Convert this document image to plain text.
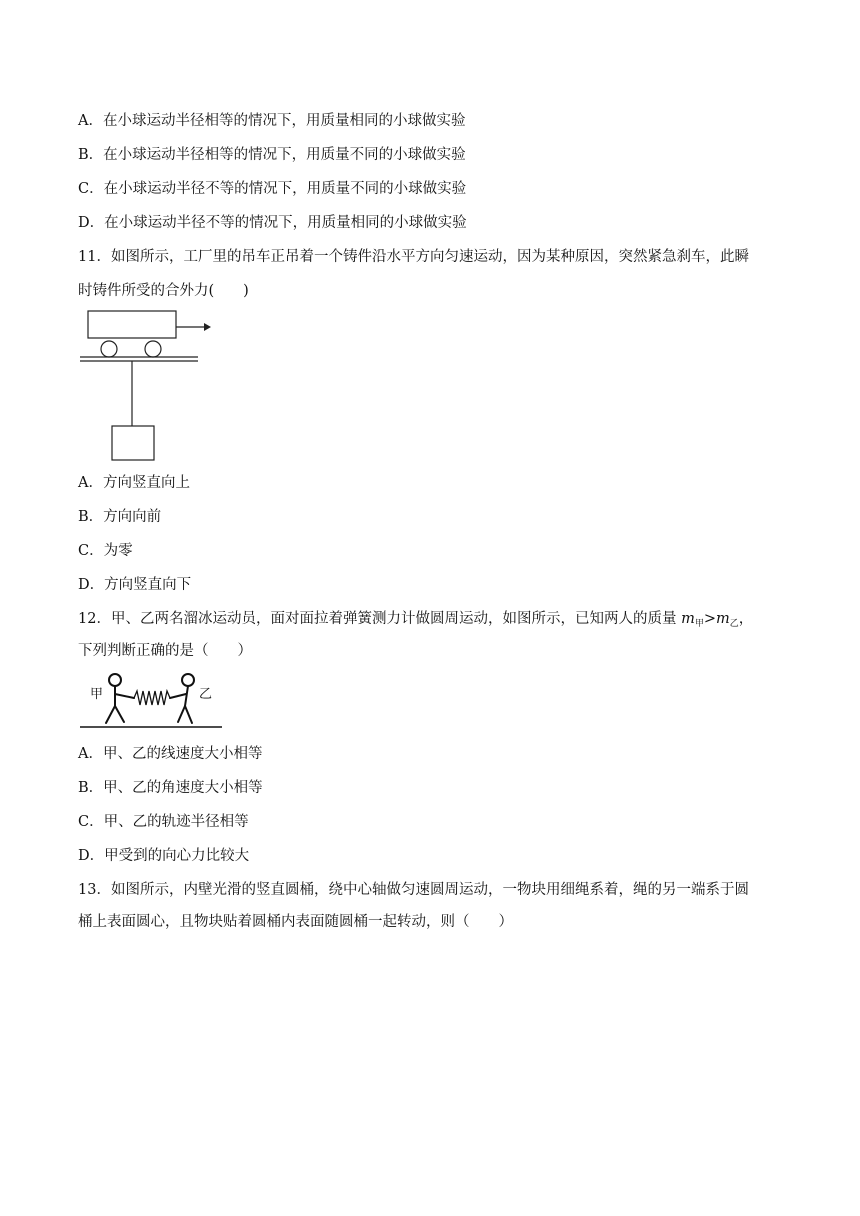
A．在小球运动半径相等的情况下，用质量相同的小球做实验
B．在小球运动半径相等的情况下，用质量不同的小球做实验
C．在小球运动半径不等的情况下，用质量不同的小球做实验
D．在小球运动半径不等的情况下，用质量相同的小球做实验
11．如图所示，工厂里的吊车正吊着一个铸件沿水平方向匀速运动，因为某种原因，突然紧急刹车，此瞬
时铸件所受的合外力(　　)
A．方向竖直向上
B．方向向前
C．为零
D．方向竖直向下
12．甲、乙两名溜冰运动员，面对面拉着弹簧测力计做圆周运动，如图所示，已知两人的质量 $m_甲>m_乙$，
下列判断正确的是（　　）
甲	乙
A．甲、乙的线速度大小相等
B．甲、乙的角速度大小相等
C．甲、乙的轨迹半径相等
D．甲受到的向心力比较大
13．如图所示，内壁光滑的竖直圆桶，绕中心轴做匀速圆周运动，一物块用细绳系着，绳的另一端系于圆
桶上表面圆心，且物块贴着圆桶内表面随圆桶一起转动，则（　　）
